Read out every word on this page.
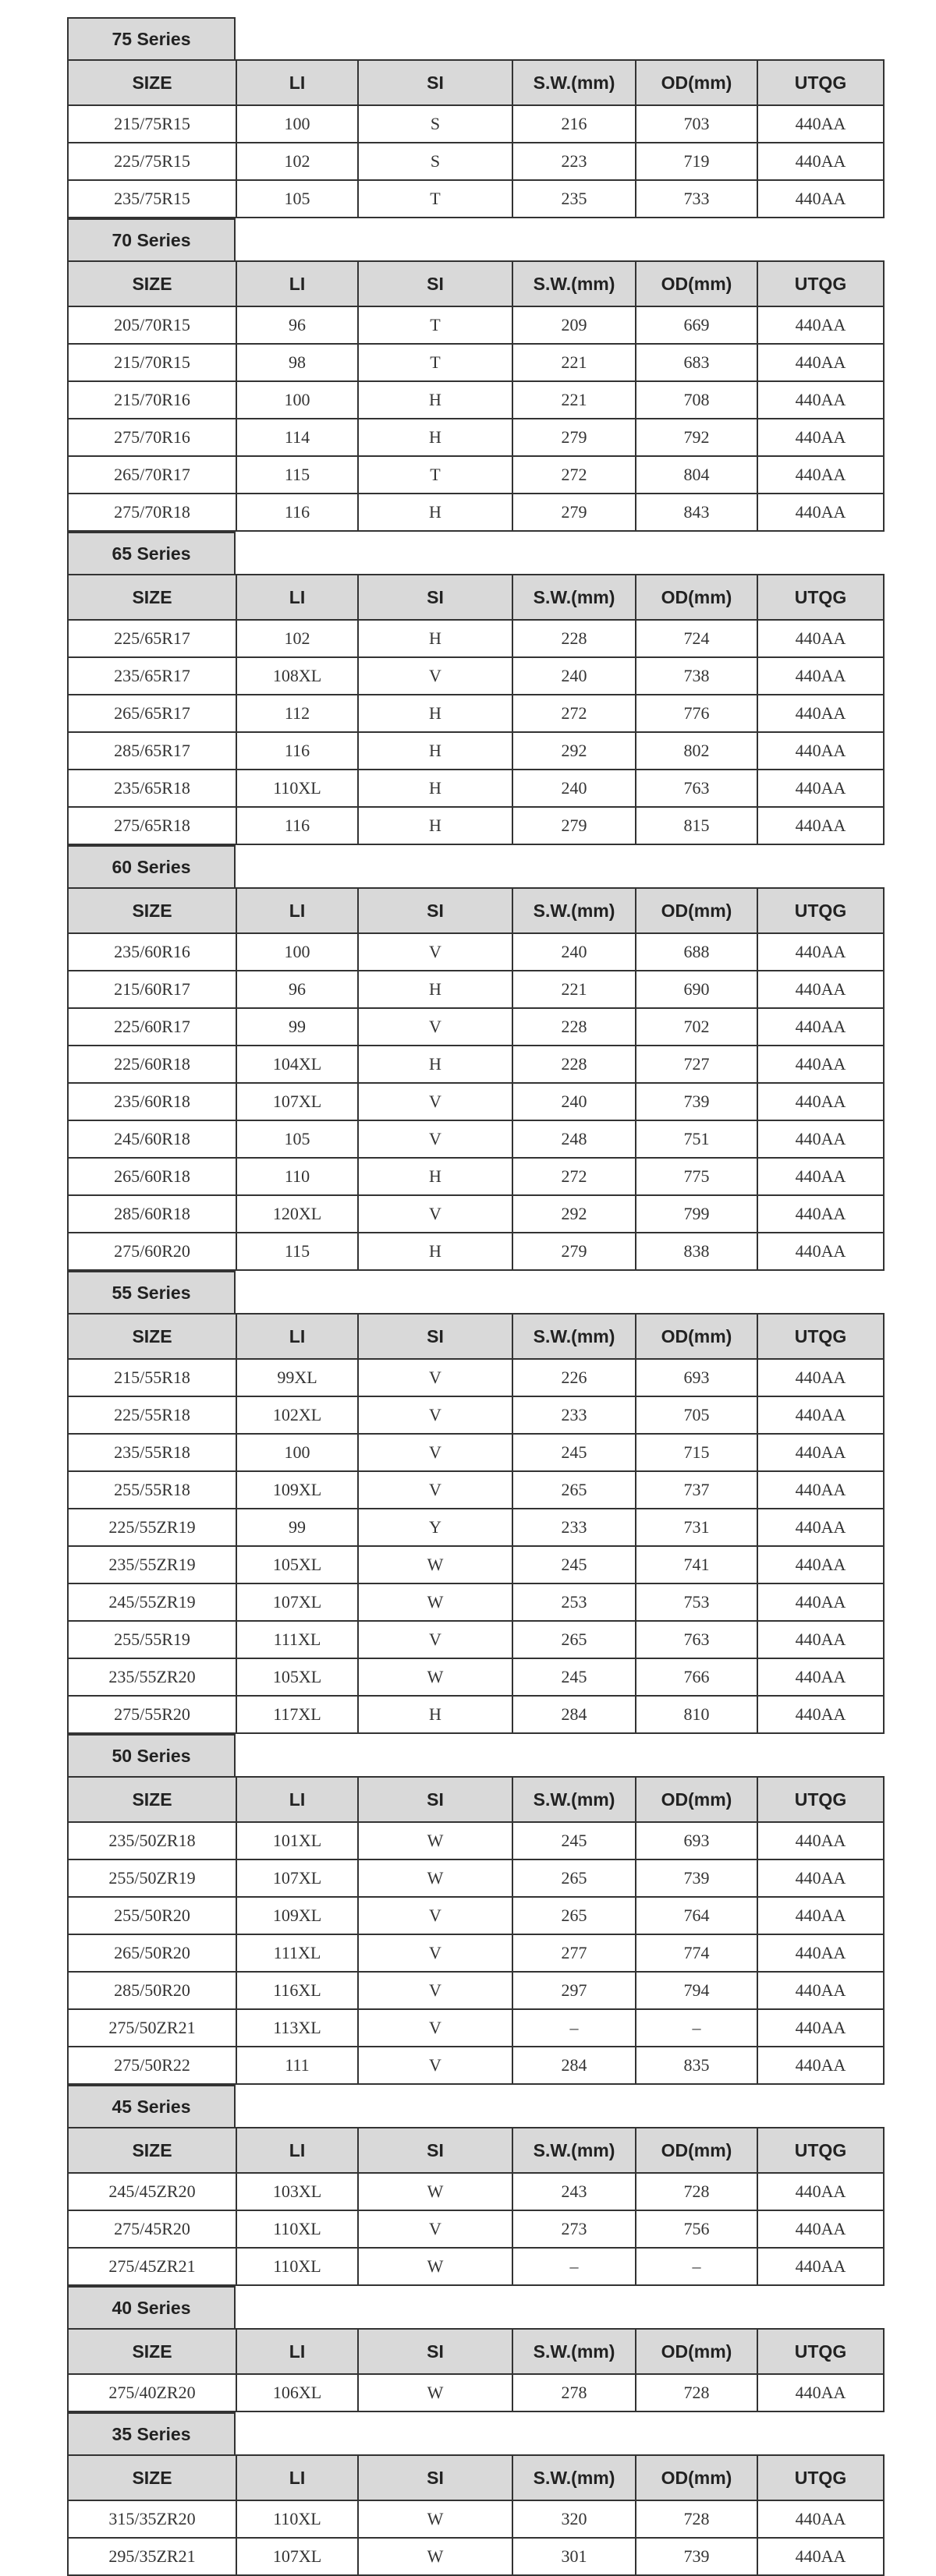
75 Series
SIZE	LI	SI	S.W.(mm)	OD(mm)	UTQG
215/75R15	100	S	216	703	440AA
225/75R15	102	S	223	719	440AA
235/75R15	105	T	235	733	440AA
70 Series
SIZE	LI	SI	S.W.(mm)	OD(mm)	UTQG
205/70R15	96	T	209	669	440AA
215/70R15	98	T	221	683	440AA
215/70R16	100	H	221	708	440AA
275/70R16	114	H	279	792	440AA
265/70R17	115	T	272	804	440AA
275/70R18	116	H	279	843	440AA
65 Series
SIZE	LI	SI	S.W.(mm)	OD(mm)	UTQG
225/65R17	102	H	228	724	440AA
235/65R17	108XL	V	240	738	440AA
265/65R17	112	H	272	776	440AA
285/65R17	116	H	292	802	440AA
235/65R18	110XL	H	240	763	440AA
275/65R18	116	H	279	815	440AA
60 Series
SIZE	LI	SI	S.W.(mm)	OD(mm)	UTQG
235/60R16	100	V	240	688	440AA
215/60R17	96	H	221	690	440AA
225/60R17	99	V	228	702	440AA
225/60R18	104XL	H	228	727	440AA
235/60R18	107XL	V	240	739	440AA
245/60R18	105	V	248	751	440AA
265/60R18	110	H	272	775	440AA
285/60R18	120XL	V	292	799	440AA
275/60R20	115	H	279	838	440AA
55 Series
SIZE	LI	SI	S.W.(mm)	OD(mm)	UTQG
215/55R18	99XL	V	226	693	440AA
225/55R18	102XL	V	233	705	440AA
235/55R18	100	V	245	715	440AA
255/55R18	109XL	V	265	737	440AA
225/55ZR19	99	Y	233	731	440AA
235/55ZR19	105XL	W	245	741	440AA
245/55ZR19	107XL	W	253	753	440AA
255/55R19	111XL	V	265	763	440AA
235/55ZR20	105XL	W	245	766	440AA
275/55R20	117XL	H	284	810	440AA
50 Series
SIZE	LI	SI	S.W.(mm)	OD(mm)	UTQG
235/50ZR18	101XL	W	245	693	440AA
255/50ZR19	107XL	W	265	739	440AA
255/50R20	109XL	V	265	764	440AA
265/50R20	111XL	V	277	774	440AA
285/50R20	116XL	V	297	794	440AA
275/50ZR21	113XL	V	–	–	440AA
275/50R22	111	V	284	835	440AA
45 Series
SIZE	LI	SI	S.W.(mm)	OD(mm)	UTQG
245/45ZR20	103XL	W	243	728	440AA
275/45R20	110XL	V	273	756	440AA
275/45ZR21	110XL	W	–	–	440AA
40 Series
SIZE	LI	SI	S.W.(mm)	OD(mm)	UTQG
275/40ZR20	106XL	W	278	728	440AA
35 Series
SIZE	LI	SI	S.W.(mm)	OD(mm)	UTQG
315/35ZR20	110XL	W	320	728	440AA
295/35ZR21	107XL	W	301	739	440AA
